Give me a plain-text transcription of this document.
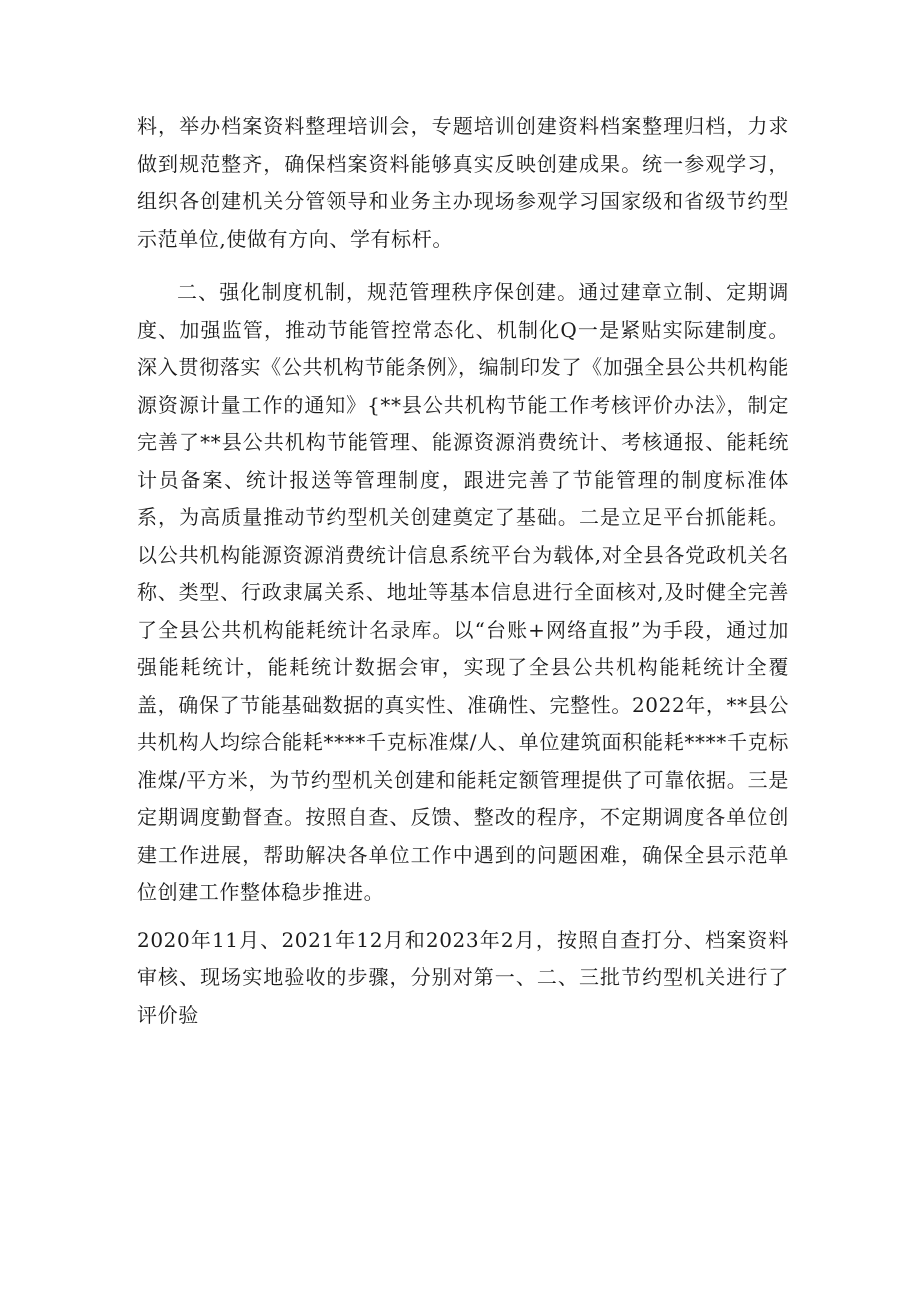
料，举办档案资料整理培训会，专题培训创建资料档案整理归档，力求做到规范整齐，确保档案资料能够真实反映创建成果。统一参观学习，组织各创建机关分管领导和业务主办现场参观学习国家级和省级节约型示范单位,使做有方向、学有标杆。

二、强化制度机制，规范管理秩序保创建。通过建章立制、定期调度、加强监管，推动节能管控常态化、机制化Q一是紧贴实际建制度。深入贯彻落实《公共机构节能条例》，编制印发了《加强全县公共机构能源资源计量工作的通知》{**县公共机构节能工作考核评价办法》，制定完善了**县公共机构节能管理、能源资源消费统计、考核通报、能耗统计员备案、统计报送等管理制度，跟进完善了节能管理的制度标准体系，为高质量推动节约型机关创建奠定了基础。二是立足平台抓能耗。以公共机构能源资源消费统计信息系统平台为载体,对全县各党政机关名称、类型、行政隶属关系、地址等基本信息进行全面核对,及时健全完善了全县公共机构能耗统计名录库。以“台账+网络直报”为手段，通过加强能耗统计，能耗统计数据会审，实现了全县公共机构能耗统计全覆盖，确保了节能基础数据的真实性、准确性、完整性。2022年，**县公共机构人均综合能耗****千克标准煤/人、单位建筑面积能耗****千克标准煤/平方米，为节约型机关创建和能耗定额管理提供了可靠依据。三是定期调度勤督查。按照自查、反馈、整改的程序，不定期调度各单位创建工作进展，帮助解决各单位工作中遇到的问题困难，确保全县示范单位创建工作整体稳步推进。

2020年11月、2021年12月和2023年2月，按照自查打分、档案资料审核、现场实地验收的步骤，分别对第一、二、三批节约型机关进行了评价验
